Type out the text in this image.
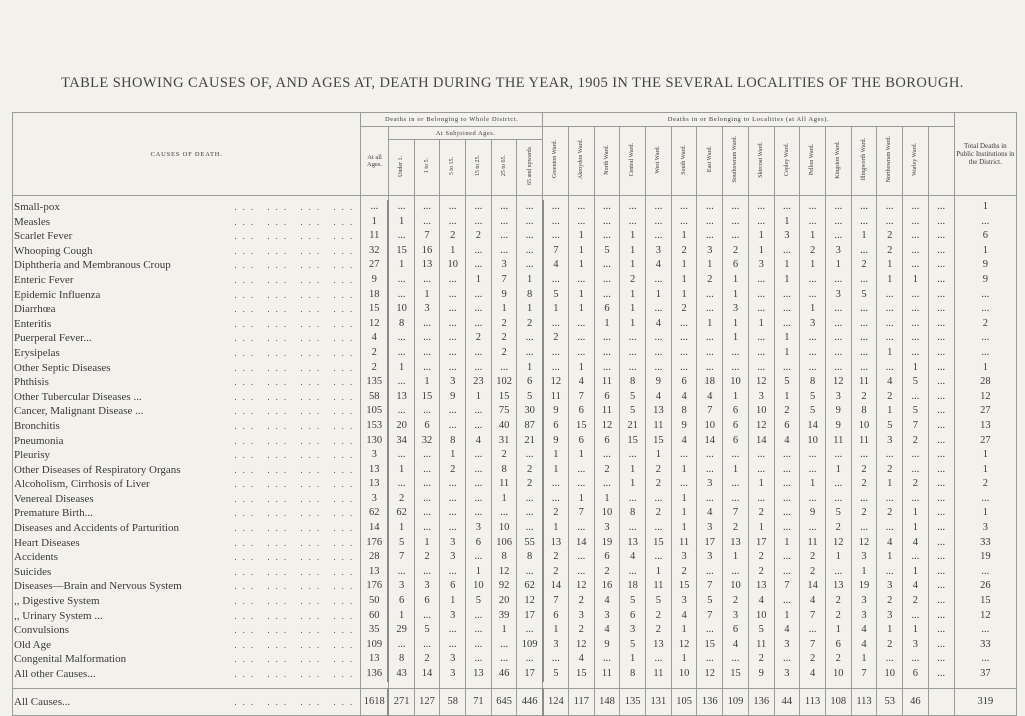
TABLE SHOWING CAUSES OF, AND AGES AT, DEATH DURING THE YEAR, 1905 IN THE SEVERAL LOCALITIES OF THE BOROUGH.
CAUSES OF DEATH.	Deaths in or Belonging to Whole District.							Deaths in or Belonging to Localities (at All Ages).																Total Deaths in Public Institutions in the District.
	At all Ages.	At Subjoined Ages.						Greenton Ward.	Akroydon Ward.	North Ward.	Central Ward.	West Ward.	South Ward.	East Ward.	Southowram Ward.	Skircoat Ward.	Copley Ward.	Pellon Ward.	Kingston Ward.	Illingworth Ward.	Northowram Ward.	Warley Ward.		
		Under 1.	1 to 5.	5 to 15.	15 to 25.	25 to 65.	65 and upwards																	

Small-pox ... ... ... ...	...	...	...	...	...	...	...	...	...	...	...	...	...	...	...	...	...	...	...	...	...	...	...	1
Measles ... ... ... ...	1	1	...	...	...	...	...	...	...	...	...	...	...	...	...	...	1	...	...	...	...	...	...	...
Scarlet Fever ... ... ... ...	11	...	7	2	2	...	...	...	1	...	1	...	1	...	...	1	3	1	...	1	2	...	...	6
Whooping Cough ... ... ... ...	32	15	16	1	...	...	...	7	1	5	1	3	2	3	2	1	...	2	3	...	2	...	...	1
Diphtheria and Membranous Croup ... ... ... ...	27	1	13	10	...	3	...	4	1	...	1	4	1	1	6	3	1	1	1	2	1	...	...	9
Enteric Fever ... ... ... ...	9	...	...	...	1	7	1	...	...	...	2	...	1	2	1	...	1	...	...	...	1	1	...	9
Epidemic Influenza ... ... ... ...	18	...	1	...	...	9	8	5	1	...	1	1	1	...	1	...	...	...	3	5	...	...	...	...
Diarrhœa ... ... ... ...	15	10	3	...	...	1	1	1	1	6	1	...	2	...	3	...	...	1	...	...	...	...	...	...
Enteritis ... ... ... ...	12	8	...	...	...	2	2	...	...	1	1	4	...	1	1	1	...	3	...	...	...	...	...	2
Puerperal Fever... ... ... ... ...	4	...	...	...	2	2	...	2	...	...	...	...	...	...	1	...	1	...	...	...	...	...	...	...
Erysipelas ... ... ... ...	2	...	...	...	...	2	...	...	...	...	...	...	...	...	...	...	1	...	...	...	1	...	...	...
Other Septic Diseases ... ... ... ...	2	1	...	...	...	...	1	...	1	...	...	...	...	...	...	...	...	...	...	...	...	1	...	1
Phthisis ... ... ... ...	135	...	1	3	23	102	6	12	4	11	8	9	6	18	10	12	5	8	12	11	4	5	...	28
Other Tubercular Diseases ... ... ... ... ...	58	13	15	9	1	15	5	11	7	6	5	4	4	4	1	3	1	5	3	2	2	...	...	12
Cancer, Malignant Disease ... ... ... ... ...	105	...	...	...	...	75	30	9	6	11	5	13	8	7	6	10	2	5	9	8	1	5	...	27
Bronchitis ... ... ... ...	153	20	6	...	...	40	87	6	15	12	21	11	9	10	6	12	6	14	9	10	5	7	...	13
Pneumonia ... ... ... ...	130	34	32	8	4	31	21	9	6	6	15	15	4	14	6	14	4	10	11	11	3	2	...	27
Pleurisy ... ... ... ...	3	...	...	1	...	2	...	1	1	...	...	1	...	...	...	...	...	...	...	...	...	...	...	1
Other Diseases of Respiratory Organs ... ... ... ...	13	1	...	2	...	8	2	1	...	2	1	2	1	...	1	...	...	...	1	2	2	...	...	1
Alcoholism, Cirrhosis of Liver ... ... ... ...	13	...	...	...	...	11	2	...	...	...	1	2	...	3	...	1	...	1	...	2	1	2	...	2
Venereal Diseases ... ... ... ...	3	2	...	...	...	1	...	...	1	1	...	...	1	...	...	...	...	...	...	...	...	...	...	...
Premature Birth... ... ... ... ...	62	62	...	...	...	...	...	2	7	10	8	2	1	4	7	2	...	9	5	2	2	1	...	1
Diseases and Accidents of Parturition ... ... ... ...	14	1	...	...	3	10	...	1	...	3	...	...	1	3	2	1	...	...	2	...	...	1	...	3
Heart Diseases ... ... ... ...	176	5	1	3	6	106	55	13	14	19	13	15	11	17	13	17	1	11	12	12	4	4	...	33
Accidents ... ... ... ...	28	7	2	3	...	8	8	2	...	6	4	...	3	3	1	2	...	2	1	3	1	...	...	19
Suicides ... ... ... ...	13	...	...	...	1	12	...	2	...	2	...	1	2	...	...	2	...	2	...	1	...	1	...	...
Diseases—Brain and Nervous System ... ... ... ...	176	3	3	6	10	92	62	14	12	16	18	11	15	7	10	13	7	14	13	19	3	4	...	26
,, Digestive System ... ... ... ...	50	6	6	1	5	20	12	7	2	4	5	5	3	5	2	4	...	4	2	3	2	2	...	15
,, Urinary System ... ... ... ... ...	60	1	...	3	...	39	17	6	3	3	6	2	4	7	3	10	1	7	2	3	3	...	...	12
Convulsions ... ... ... ...	35	29	5	...	...	1	...	1	2	4	3	2	1	...	6	5	4	...	1	4	1	1	...	...
Old Age ... ... ... ...	109	...	...	...	...	...	109	3	12	9	5	13	12	15	4	11	3	7	6	4	2	3	...	33
Congenital Malformation ... ... ... ...	13	8	2	3	...	...	...	...	4	...	1	...	1	...	...	2	...	2	2	1	...	...	...	...
All other Causes... ... ... ... ...	136	43	14	3	13	46	17	5	15	11	8	11	10	12	15	9	3	4	10	7	10	6	...	37

All Causes... ... ... ... ...	1618	271	127	58	71	645	446	124	117	148	135	131	105	136	109	136	44	113	108	113	53	46		319
